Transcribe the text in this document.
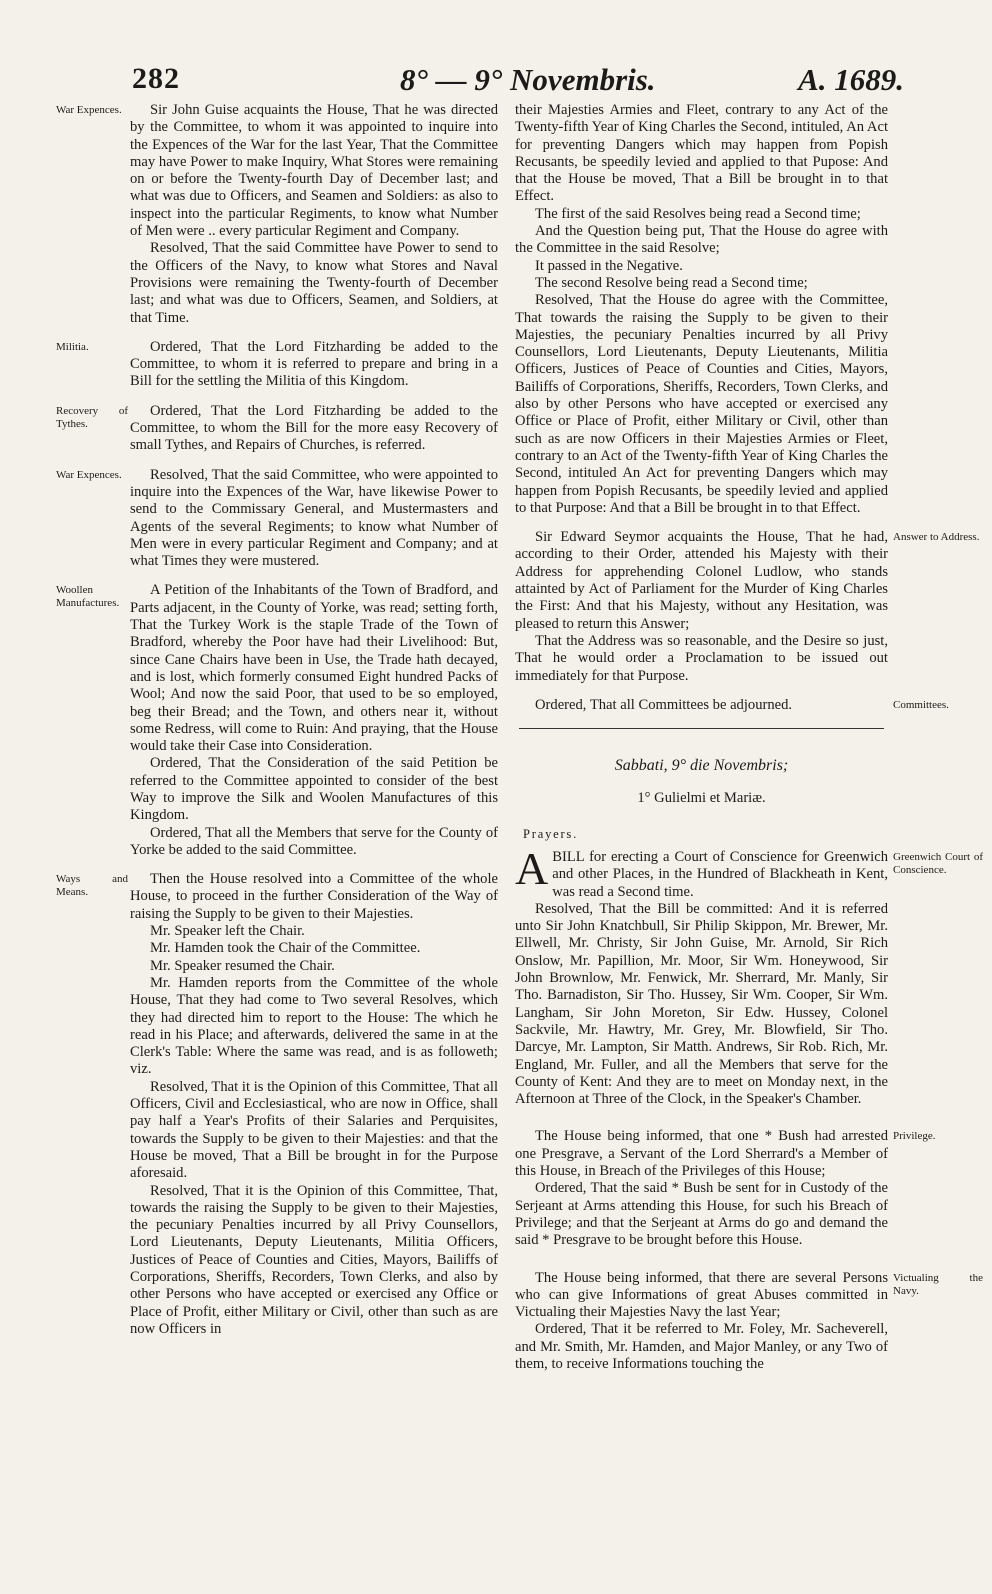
282	8° — 9° Novembris.	A. 1689.
War Expences.	Sir John Guise acquaints the House, That he was directed by the Committee, to whom it was appointed to inquire into the Expences of the War for the last Year, That the Committee may have Power to make Inquiry, What Stores were remaining on or before the Twenty-fourth Day of December last; and what was due to Officers, and Seamen and Soldiers: as also to inspect into the particular Regiments, to know what Number of Men were .. every particular Regiment and Company.

Resolved, That the said Committee have Power to send to the Officers of the Navy, to know what Stores and Naval Provisions were remaining the Twenty-fourth of December last; and what was due to Officers, Seamen, and Soldiers, at that Time.

Militia.	Ordered, That the Lord Fitzharding be added to the Committee, to whom it is referred to prepare and bring in a Bill for the settling the Militia of this Kingdom.

Recovery of Tythes.

Ordered, That the Lord Fitzharding be added to the Committee, to whom the Bill for the more easy Recovery of small Tythes, and Repairs of Churches, is referred.

War Expences.	Resolved, That the said Committee, who were appointed to inquire into the Expences of the War, have likewise Power to send to the Commissary General, and Mustermasters and Agents of the several Regiments; to know what Number of Men were in every particular Regiment and Company; and at what Times they were mustered.

Woollen Manufactures.

A Petition of the Inhabitants of the Town of Bradford, and Parts adjacent, in the County of Yorke, was read; setting forth, That the Turkey Work is the staple Trade of the Town of Bradford, whereby the Poor have had their Livelihood: But, since Cane Chairs have been in Use, the Trade hath decayed, and is lost, which formerly consumed Eight hundred Packs of Wool; And now the said Poor, that used to be so employed, beg their Bread; and the Town, and others near it, without some Redress, will come to Ruin: And praying, that the House would take their Case into Consideration.

Ordered, That the Consideration of the said Petition be referred to the Committee appointed to consider of the best Way to improve the Silk and Woolen Manufactures of this Kingdom.

Ordered, That all the Members that serve for the County of Yorke be added to the said Committee.

Ways and Means.

Then the House resolved into a Committee of the whole House, to proceed in the further Consideration of the Way of raising the Supply to be given to their Majesties.

Mr. Speaker left the Chair.

Mr. Hamden took the Chair of the Committee.

Mr. Speaker resumed the Chair.

Mr. Hamden reports from the Committee of the whole House, That they had come to Two several Resolves, which they had directed him to report to the House: The which he read in his Place; and afterwards, delivered the same in at the Clerk's Table: Where the same was read, and is as followeth; viz.

Resolved, That it is the Opinion of this Committee, That all Officers, Civil and Ecclesiastical, who are now in Office, shall pay half a Year's Profits of their Salaries and Perquisites, towards the Supply to be given to their Majesties: and that the House be moved, That a Bill be brought in for the Purpose aforesaid.

Resolved, That it is the Opinion of this Committee, That, towards the raising the Supply to be given to their Majesties, the pecuniary Penalties incurred by all Privy Counsellors, Lord Lieutenants, Deputy Lieutenants, Militia Officers, Justices of Peace of Counties and Cities, Mayors, Bailiffs of Corporations, Sheriffs, Recorders, Town Clerks, and also by other Persons who have accepted or exercised any Office or Place of Profit, either Military or Civil, other than such as are now Officers in

their Majesties Armies and Fleet, contrary to any Act of the Twenty-fifth Year of King Charles the Second, intituled, An Act for preventing Dangers which may happen from Popish Recusants, be speedily levied and applied to that Pupose: And that the House be moved, That a Bill be brought in to that Effect.

The first of the said Resolves being read a Second time;

And the Question being put, That the House do agree with the Committee in the said Resolve;

It passed in the Negative.

The second Resolve being read a Second time;

Resolved, That the House do agree with the Committee, That towards the raising the Supply to be given to their Majesties, the pecuniary Penalties incurred by all Privy Counsellors, Lord Lieutenants, Deputy Lieutenants, Militia Officers, Justices of Peace of Counties and Cities, Mayors, Bailiffs of Corporations, Sheriffs, Recorders, Town Clerks, and also by other Persons who have accepted or exercised any Office or Place of Profit, either Military or Civil, other than such as are now Officers in their Majesties Armies or Fleet, contrary to an Act of the Twenty-fifth Year of King Charles the Second, intituled An Act for preventing Dangers which may happen from Popish Recusants, be speedily levied and applied to that Purpose: And that a Bill be brought in to that Effect.

Answer to Address.

Sir Edward Seymor acquaints the House, That he had, according to their Order, attended his Majesty with their Address for apprehending Colonel Ludlow, who stands attainted by Act of Parliament for the Murder of King Charles the First: And that his Majesty, without any Hesitation, was pleased to return this Answer;

That the Address was so reasonable, and the Desire so just, That he would order a Proclamation to be issued out immediately for that Purpose.

Committees.

Ordered, That all Committees be adjourned.

Sabbati, 9° die Novembris;
1° Gulielmi et Mariæ.
Prayers.
Greenwich Court of Conscience.

ABILL for erecting a Court of Conscience for Greenwich and other Places, in the Hundred of Blackheath in Kent, was read a Second time.

Resolved, That the Bill be committed: And it is referred unto Sir John Knatchbull, Sir Philip Skippon, Mr. Brewer, Mr. Ellwell, Mr. Christy, Sir John Guise, Mr. Arnold, Sir Rich Onslow, Mr. Papillion, Mr. Moor, Sir Wm. Honeywood, Sir John Brownlow, Mr. Fenwick, Mr. Sherrard, Mr. Manly, Sir Tho. Barnadiston, Sir Tho. Hussey, Sir Wm. Cooper, Sir Wm. Langham, Sir John Moreton, Sir Edw. Hussey, Colonel Sackvile, Mr. Hawtry, Mr. Grey, Mr. Blowfield, Sir Tho. Darcye, Mr. Lampton, Sir Matth. Andrews, Sir Rob. Rich, Mr. England, Mr. Fuller, and all the Members that serve for the County of Kent: And they are to meet on Monday next, in the Afternoon at Three of the Clock, in the Speaker's Chamber.

Privilege.

The House being informed, that one * Bush had arrested one Presgrave, a Servant of the Lord Sherrard's a Member of this House, in Breach of the Privileges of this House;

Ordered, That the said * Bush be sent for in Custody of the Serjeant at Arms attending this House, for such his Breach of Privilege; and that the Serjeant at Arms do go and demand the said * Presgrave to be brought before this House.

Victualing the Navy.

The House being informed, that there are several Persons who can give Informations of great Abuses committed in Victualing their Majesties Navy the last Year;

Ordered, That it be referred to Mr. Foley, Mr. Sacheverell, and Mr. Smith, Mr. Hamden, and Major Manley, or any Two of them, to receive Informations touching the
